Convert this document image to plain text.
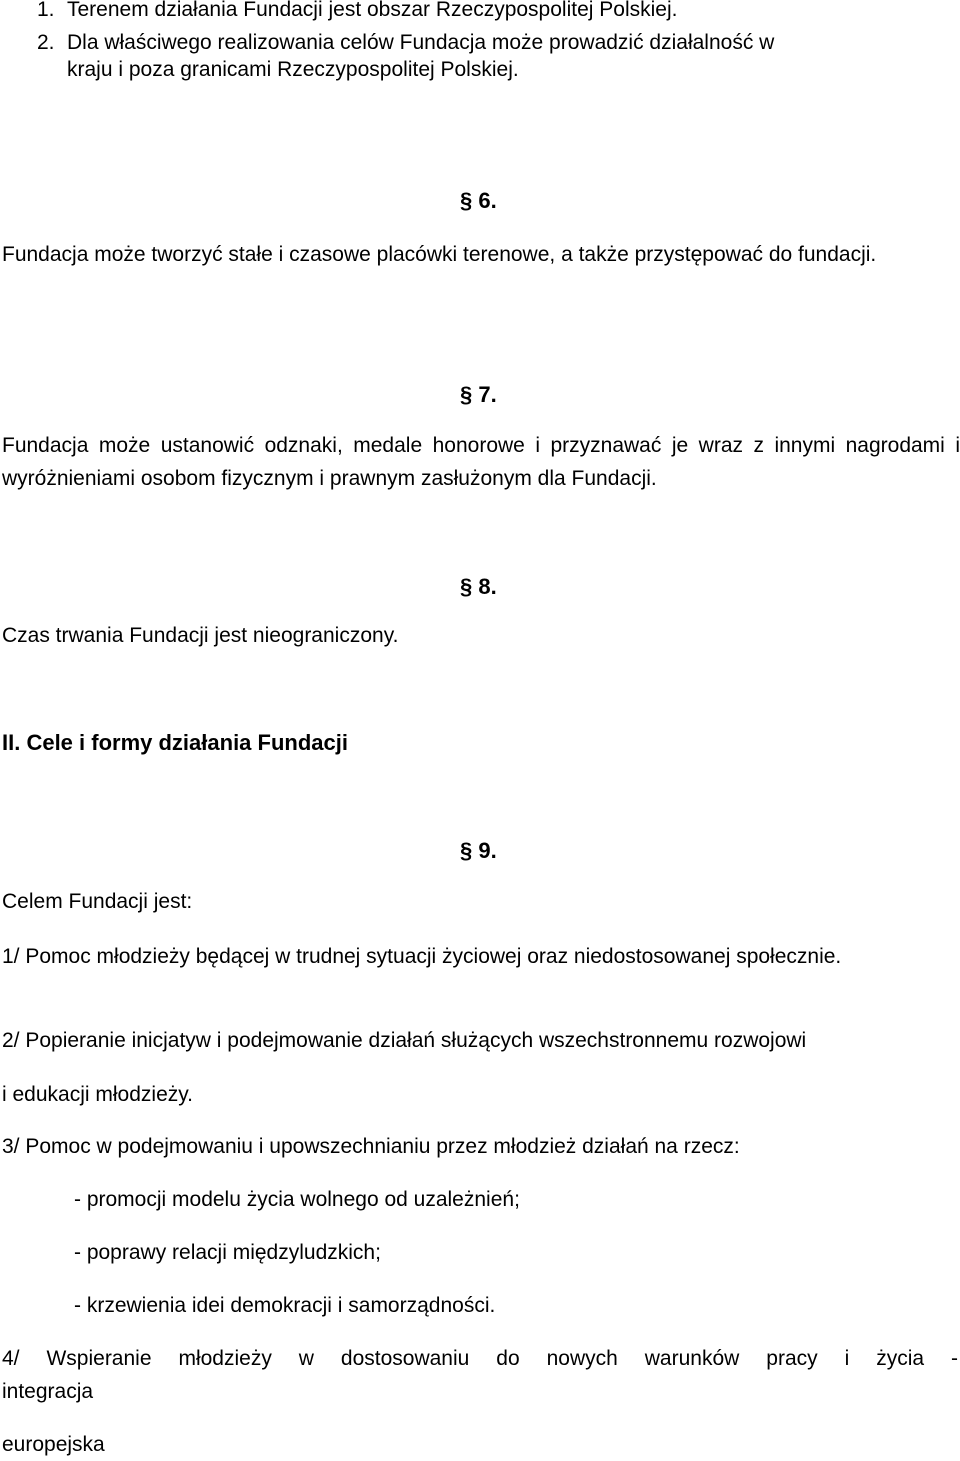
1. Terenem działania Fundacji jest obszar Rzeczypospolitej Polskiej.
2. Dla właściwego realizowania celów Fundacja może prowadzić działalność w
kraju i poza granicami Rzeczypospolitej Polskiej.
§ 6.

Fundacja może tworzyć stałe i czasowe placówki terenowe, a także przystępować do fundacji.

§ 7.

Fundacja może ustanowić odznaki, medale honorowe i przyznawać je wraz z innymi nagrodami i wyróżnieniami osobom fizycznym i prawnym zasłużonym dla Fundacji.

§ 8.

Czas trwania Fundacji jest nieograniczony.

II. Cele i formy działania Fundacji
§ 9.

Celem Fundacji jest:

1/ Pomoc młodzieży będącej w trudnej sytuacji życiowej oraz niedostosowanej społecznie.

2/ Popieranie inicjatyw i podejmowanie działań służących wszechstronnemu rozwojowi

i edukacji młodzieży.

3/ Pomoc w podejmowaniu i upowszechnianiu przez młodzież działań na rzecz:

- promocji modelu życia wolnego od uzależnień;

- poprawy relacji międzyludzkich;

- krzewienia idei demokracji i samorządności.

4/ Wspieranie młodzieży w dostosowaniu do nowych warunków pracy i życia -

integracja

europejska
